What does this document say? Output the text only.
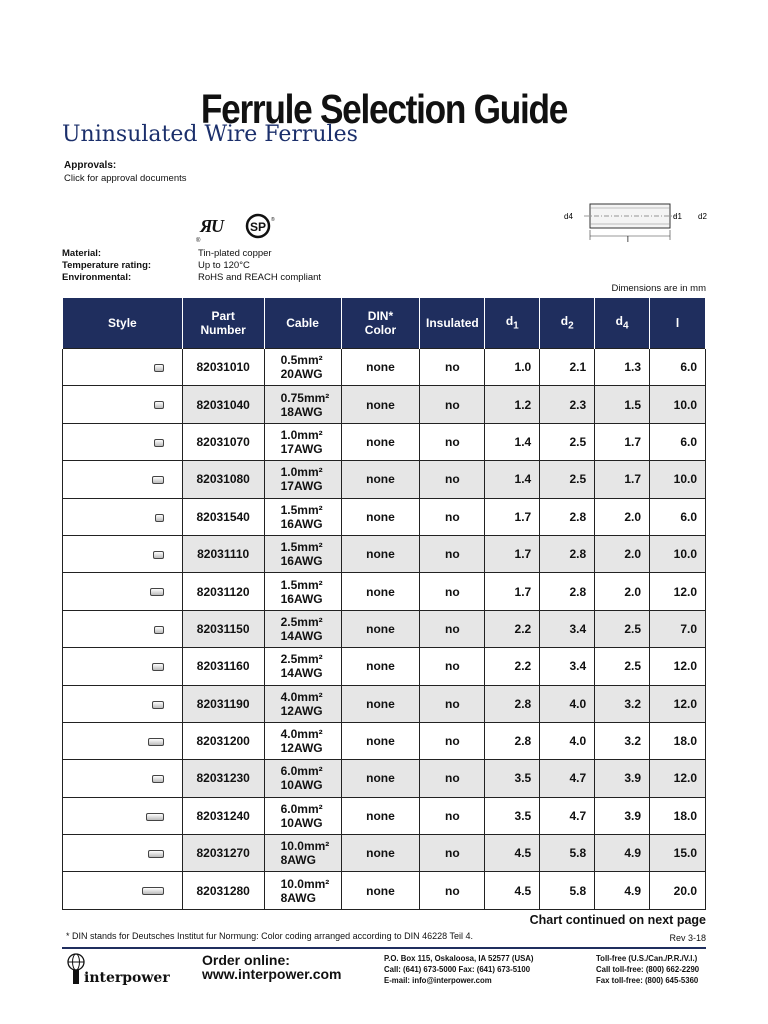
Ferrule Selection Guide
Uninsulated Wire Ferrules
Approvals:
Click for approval documents
Я
U
®
SP ®
Material:	Tin-plated copper
Temperature rating:	Up to 120°C
Environmental:	RoHS and REACH compliant
d4	d1 d2
l
Dimensions are in mm
Style	Part
Number	Cable	DIN*
Color	Insulated	$d_1$	$d_2$	$d_4$	l
	82031010	0.5mm²
20AWG	none	no	1.0	2.1	1.3	6.0
	82031040	0.75mm²
18AWG	none	no	1.2	2.3	1.5	10.0
	82031070	1.0mm²
17AWG	none	no	1.4	2.5	1.7	6.0
	82031080	1.0mm²
17AWG	none	no	1.4	2.5	1.7	10.0
	82031540	1.5mm²
16AWG	none	no	1.7	2.8	2.0	6.0
	82031110	1.5mm²
16AWG	none	no	1.7	2.8	2.0	10.0
	82031120	1.5mm²
16AWG	none	no	1.7	2.8	2.0	12.0
	82031150	2.5mm²
14AWG	none	no	2.2	3.4	2.5	7.0
	82031160	2.5mm²
14AWG	none	no	2.2	3.4	2.5	12.0
	82031190	4.0mm²
12AWG	none	no	2.8	4.0	3.2	12.0
	82031200	4.0mm²
12AWG	none	no	2.8	4.0	3.2	18.0
	82031230	6.0mm²
10AWG	none	no	3.5	4.7	3.9	12.0
	82031240	6.0mm²
10AWG	none	no	3.5	4.7	3.9	18.0
	82031270	10.0mm²
8AWG	none	no	4.5	5.8	4.9	15.0
	82031280	10.0mm²
8AWG	none	no	4.5	5.8	4.9	20.0
Chart continued on next page
* DIN stands for Deutsches Institut fur Normung: Color coding arranged according to DIN 46228 Teil 4.	Rev 3-18
interpower
Order online:
www.interpower.com
P.O. Box 115, Oskaloosa, IA 52577 (USA)
Call: (641) 673-5000 Fax: (641) 673-5100
E-mail: info@interpower.com
Toll-free (U.S./Can./P.R./V.I.)
Call toll-free: (800) 662-2290
Fax toll-free: (800) 645-5360
